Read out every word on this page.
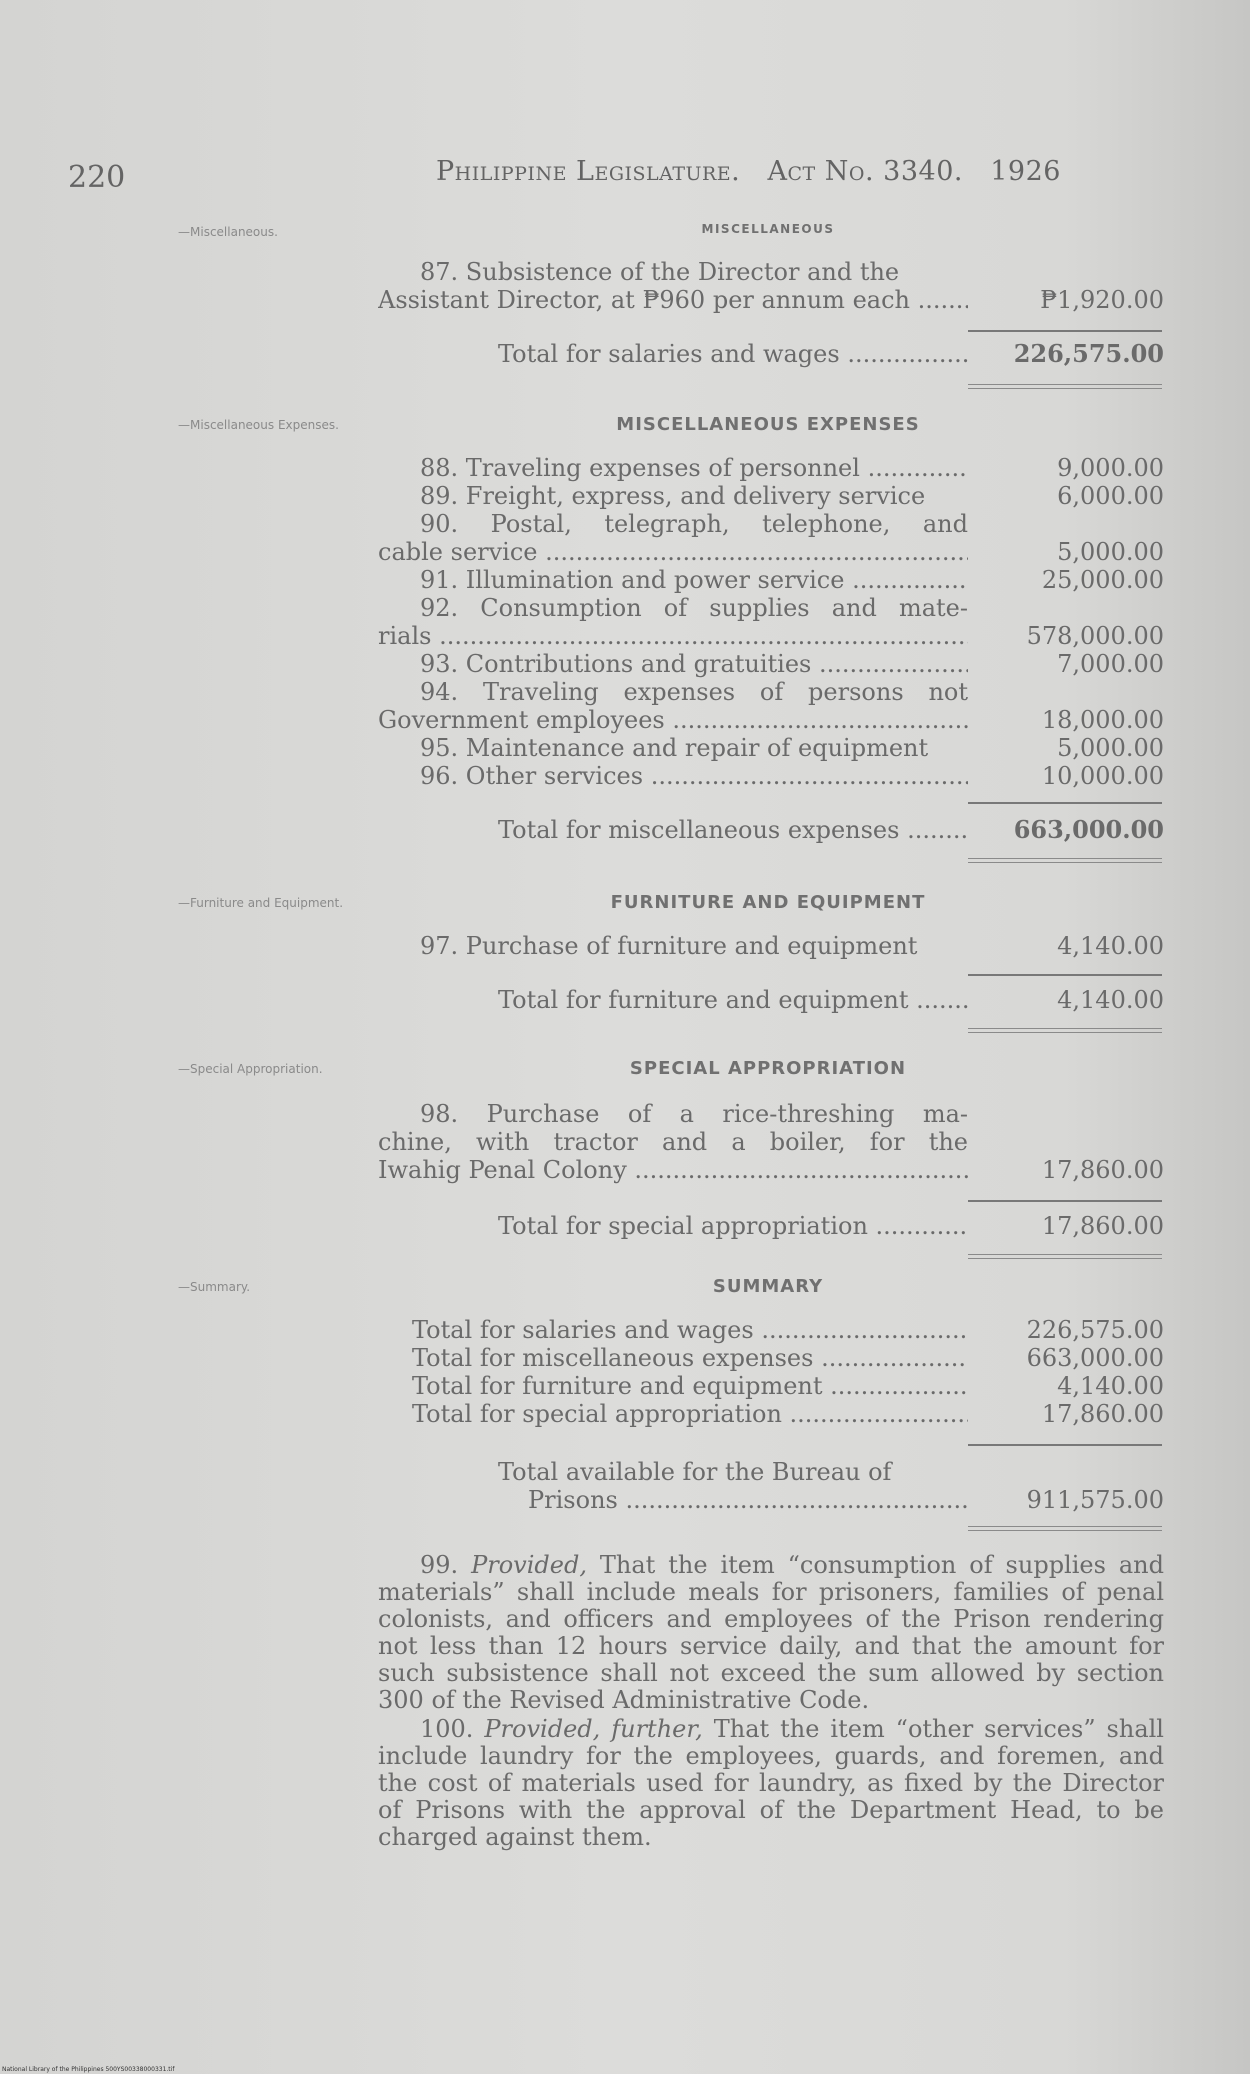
220	Philippine Legislature. Act No. 3340. 1926
—Miscellaneous.	MISCELLANEOUS
87. Subsistence of the Director and the
Assistant Director, at ₱960 per annum each .....	₱1,920.00
Total for salaries and wages .....	226,575.00
—Miscellaneous Expenses.	MISCELLANEOUS EXPENSES
88. Traveling expenses of personnel .....	9,000.00
89. Freight, express, and delivery service	6,000.00
90. Postal, telegraph, telephone, and
cable service .....	5,000.00
91. Illumination and power service .....	25,000.00
92. Consumption of supplies and mate-
rials .....	578,000.00
93. Contributions and gratuities .....	7,000.00
94. Traveling expenses of persons not
Government employees .....	18,000.00
95. Maintenance and repair of equipment	5,000.00
96. Other services .....	10,000.00
Total for miscellaneous expenses .....	663,000.00
—Furniture and Equipment.	FURNITURE AND EQUIPMENT
97. Purchase of furniture and equipment	4,140.00
Total for furniture and equipment .....	4,140.00
—Special Appropriation.	SPECIAL APPROPRIATION
98. Purchase of a rice-threshing ma-
chine, with tractor and a boiler, for the
Iwahig Penal Colony .....	17,860.00
Total for special appropriation .....	17,860.00
—Summary.	SUMMARY
Total for salaries and wages .....	226,575.00
Total for miscellaneous expenses .....	663,000.00
Total for furniture and equipment .....	4,140.00
Total for special appropriation .....	17,860.00
Total available for the Bureau of
Prisons .....	911,575.00
99. Provided, That the item “consumption of supplies and materials” shall include meals for prisoners, families of penal colonists, and officers and employees of the Prison rendering not less than 12 hours service daily, and that the amount for such subsistence shall not exceed the sum allowed by section 300 of the Revised Administrative Code.
100. Provided, further, That the item “other services” shall include laundry for the employees, guards, and foremen, and the cost of materials used for laundry, as fixed by the Director of Prisons with the approval of the Department Head, to be charged against them.
National Library of the Philippines 500YS00338000331.tif
